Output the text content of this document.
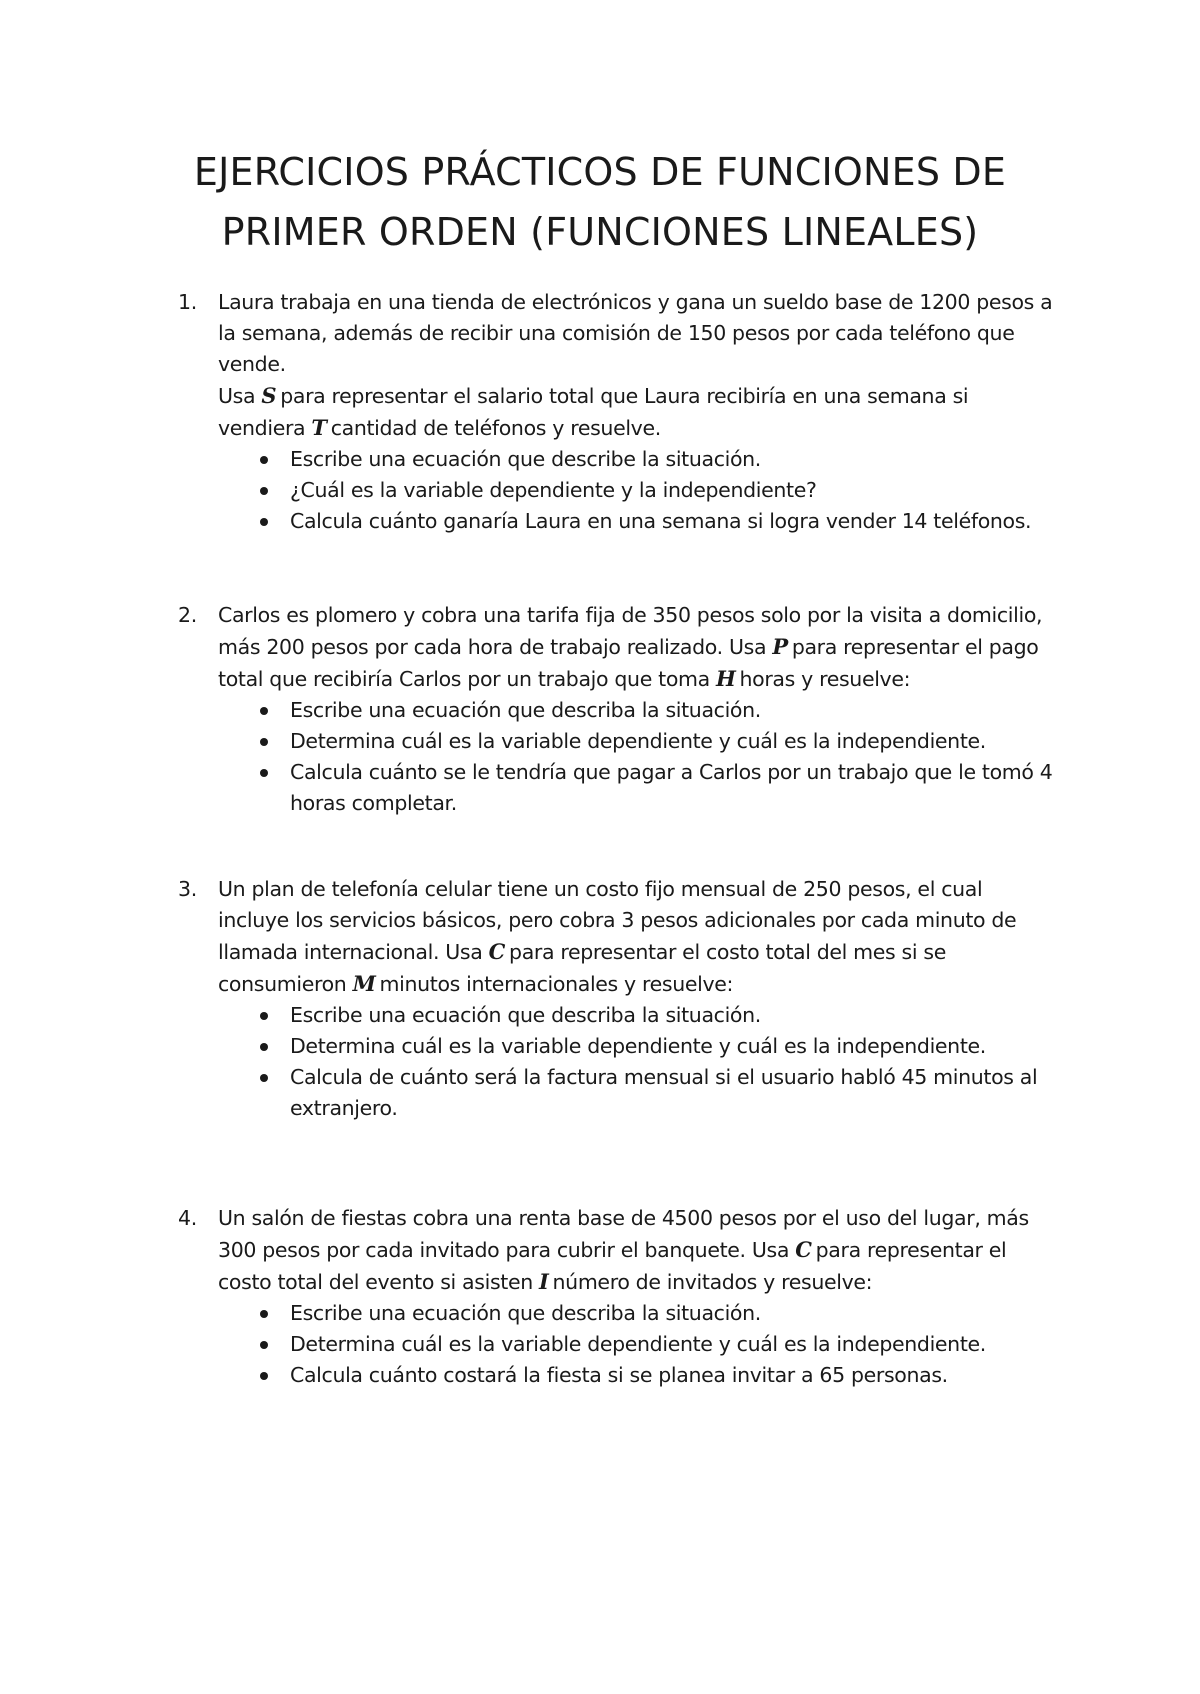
EJERCICIOS PRÁCTICOS DE FUNCIONES DE
PRIMER ORDEN (FUNCIONES LINEALES)
1.	Laura trabaja en una tienda de electrónicos y gana un sueldo base de 1200 pesos a la semana, además de recibir una comisión de 150 pesos por cada teléfono que vende.

Usa S para representar el salario total que Laura recibiría en una semana si vendiera T cantidad de teléfonos y resuelve.

Escribe una ecuación que describe la situación.
¿Cuál es la variable dependiente y la independiente?
Calcula cuánto ganaría Laura en una semana si logra vender 14 teléfonos.
2.	Carlos es plomero y cobra una tarifa fija de 350 pesos solo por la visita a domicilio, más 200 pesos por cada hora de trabajo realizado. Usa P para representar el pago total que recibiría Carlos por un trabajo que toma H horas y resuelve:

Escribe una ecuación que describa la situación.
Determina cuál es la variable dependiente y cuál es la independiente.
Calcula cuánto se le tendría que pagar a Carlos por un trabajo que le tomó 4 horas completar.
3.	Un plan de telefonía celular tiene un costo fijo mensual de 250 pesos, el cual incluye los servicios básicos, pero cobra 3 pesos adicionales por cada minuto de llamada internacional. Usa C para representar el costo total del mes si se consumieron M minutos internacionales y resuelve:

Escribe una ecuación que describa la situación.
Determina cuál es la variable dependiente y cuál es la independiente.
Calcula de cuánto será la factura mensual si el usuario habló 45 minutos al extranjero.
4.	Un salón de fiestas cobra una renta base de 4500 pesos por el uso del lugar, más 300 pesos por cada invitado para cubrir el banquete. Usa C para representar el costo total del evento si asisten I número de invitados y resuelve:

Escribe una ecuación que describa la situación.
Determina cuál es la variable dependiente y cuál es la independiente.
Calcula cuánto costará la fiesta si se planea invitar a 65 personas.
